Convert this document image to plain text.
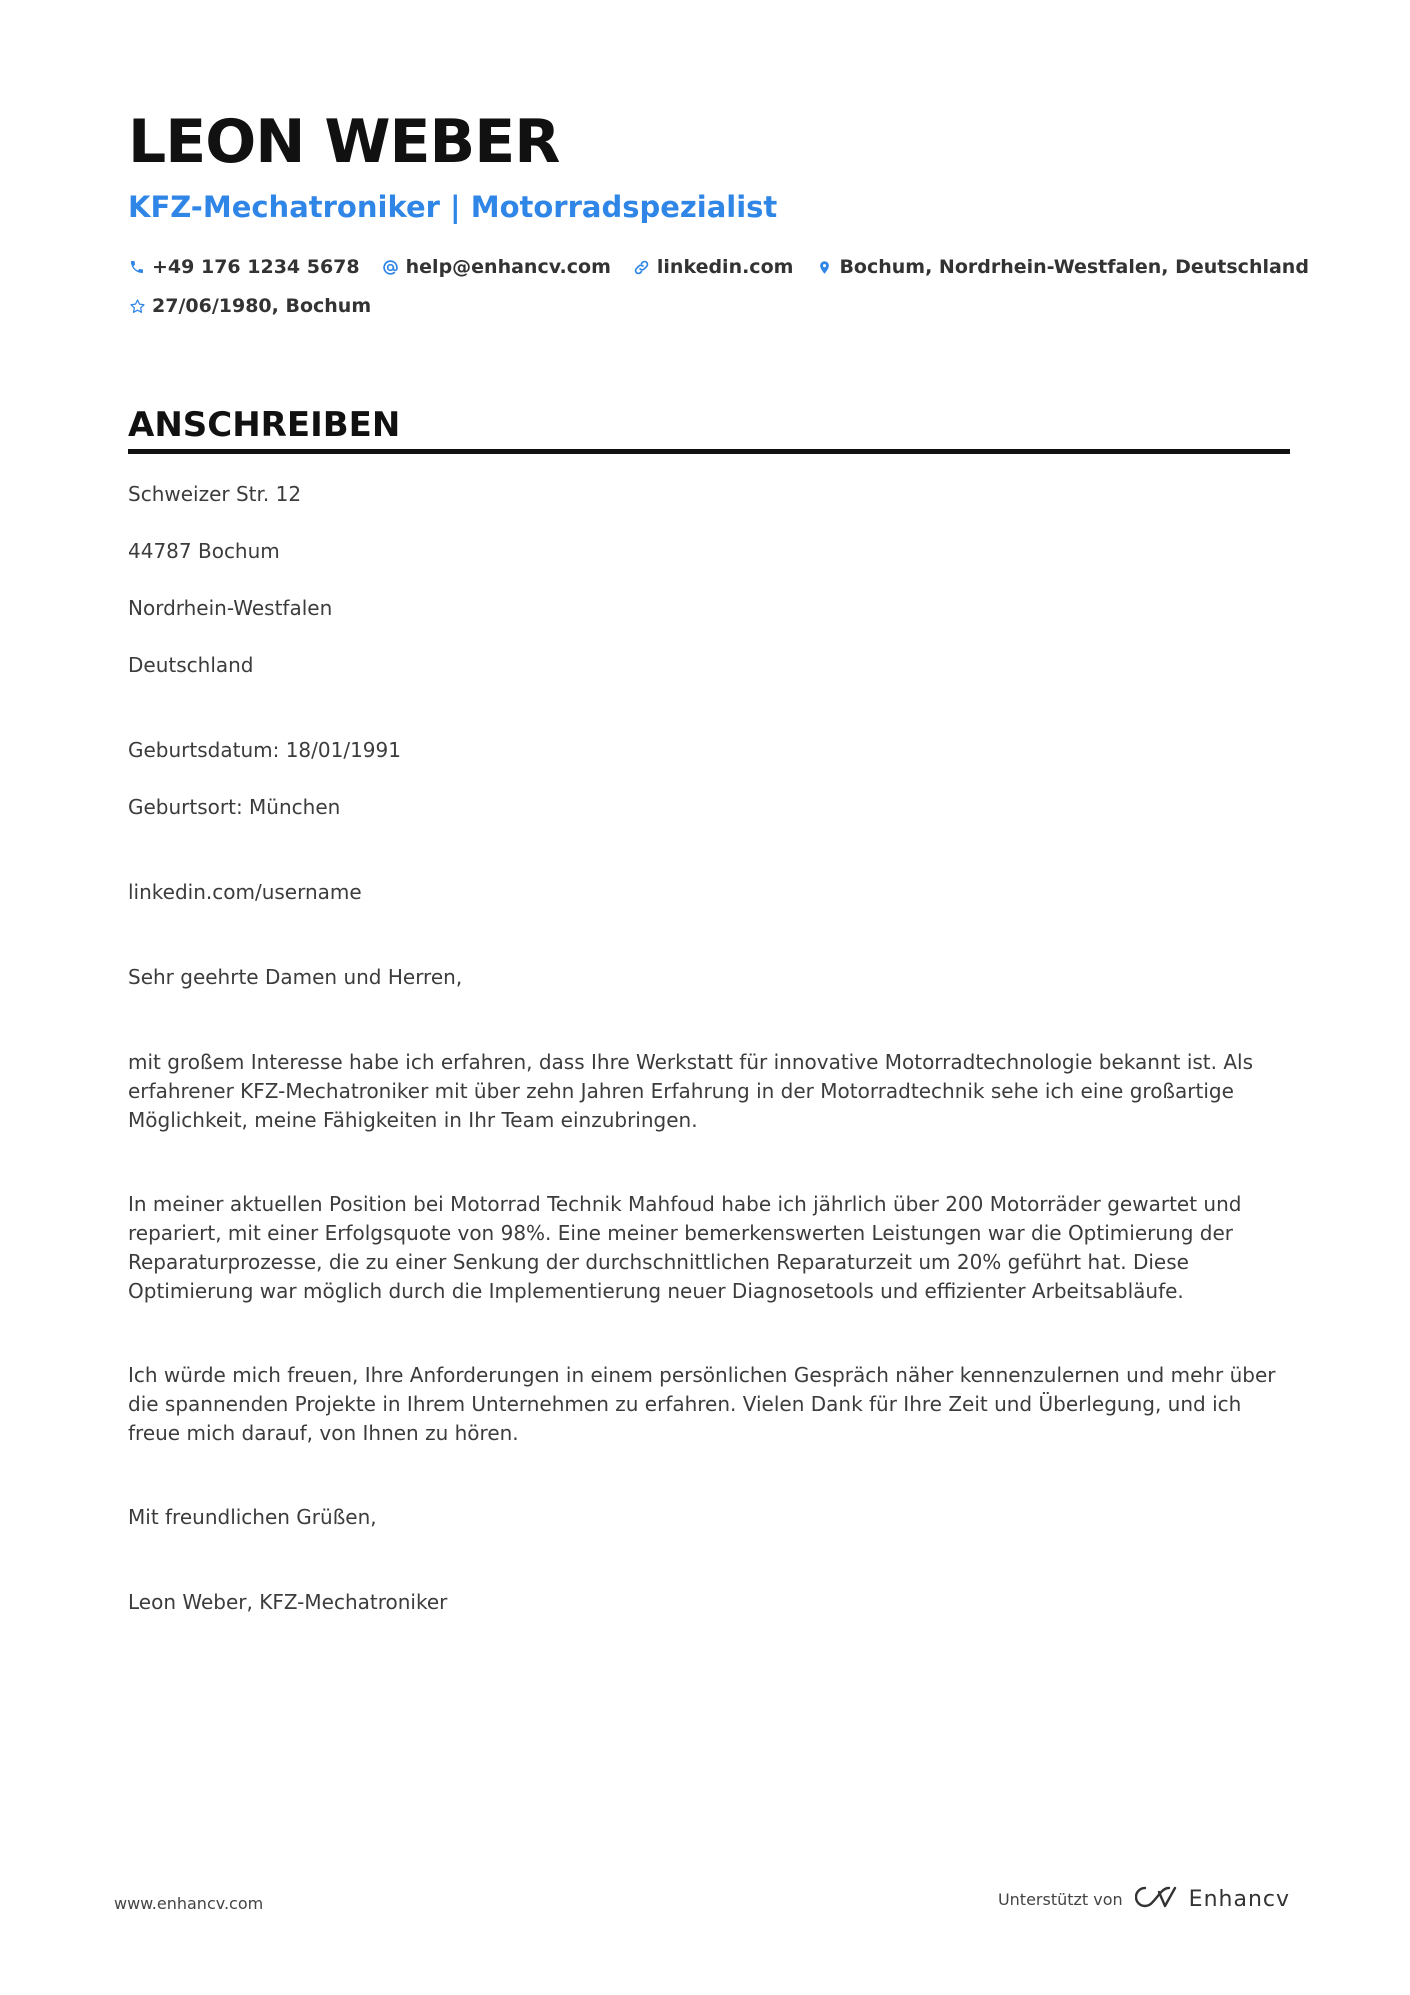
LEON WEBER
KFZ-Mechatroniker | Motorradspezialist
+49 176 1234 5678 help@enhancv.com linkedin.com Bochum, Nordrhein-Westfalen, Deutschland
27/06/1980, Bochum
ANSCHREIBEN
Schweizer Str. 12
44787 Bochum
Nordrhein-Westfalen
Deutschland
Geburtsdatum: 18/01/1991
Geburtsort: München
linkedin.com/username
Sehr geehrte Damen und Herren,
mit großem Interesse habe ich erfahren, dass Ihre Werkstatt für innovative Motorradtechnologie bekannt ist. Als erfahrener KFZ-Mechatroniker mit über zehn Jahren Erfahrung in der Motorradtechnik sehe ich eine großartige Möglichkeit, meine Fähigkeiten in Ihr Team einzubringen.
In meiner aktuellen Position bei Motorrad Technik Mahfoud habe ich jährlich über 200 Motorräder gewartet und repariert, mit einer Erfolgsquote von 98%. Eine meiner bemerkenswerten Leistungen war die Optimierung der Reparaturprozesse, die zu einer Senkung der durchschnittlichen Reparaturzeit um 20% geführt hat. Diese Optimierung war möglich durch die Implementierung neuer Diagnosetools und effizienter Arbeitsabläufe.
Ich würde mich freuen, Ihre Anforderungen in einem persönlichen Gespräch näher kennenzulernen und mehr über die spannenden Projekte in Ihrem Unternehmen zu erfahren. Vielen Dank für Ihre Zeit und Überlegung, und ich freue mich darauf, von Ihnen zu hören.
Mit freundlichen Grüßen,
Leon Weber, KFZ-Mechatroniker
www.enhancv.com	Unterstützt von	Enhancv
